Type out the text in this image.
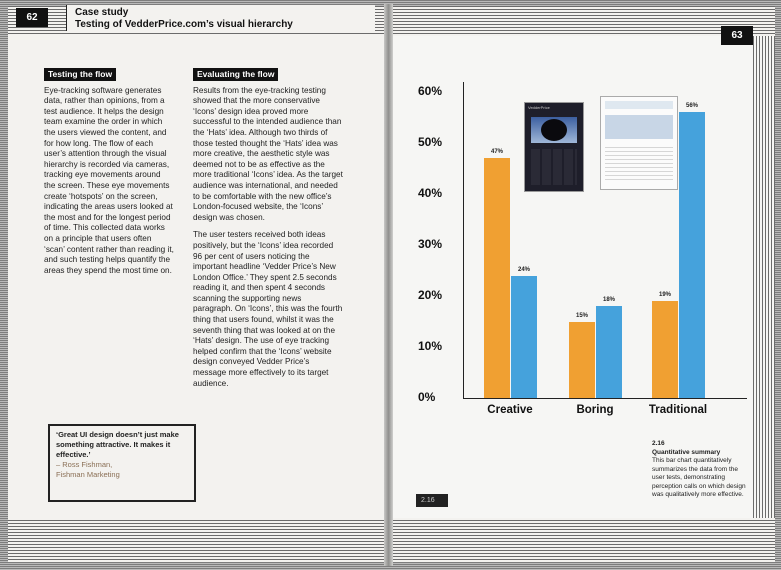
62	Case study
Testing of VedderPrice.com’s visual hierarchy
Testing the flow

Eye-tracking software generates data, rather than opinions, from a test audience. It helps the design team examine the order in which the users viewed the content, and for how long. The flow of each user’s attention through the visual hierarchy is recorded via cameras, tracking eye movements around the screen. These eye movements create ‘hotspots’ on the screen, indicating the areas users looked at the most and for the longest period of time. This collected data works on a principle that users often ‘scan’ content rather than reading it, and such testing helps quantify the areas they spend the most time on.

Evaluating the flow

Results from the eye-tracking testing showed that the more conservative ‘Icons’ design idea proved more successful to the intended audience than the ‘Hats’ idea. Although two thirds of those tested thought the ‘Hats’ idea was more creative, the aesthetic style was deemed not to be as effective as the more traditional ‘Icons’ idea. As the target audience was international, and needed to be comfortable with the new office’s London-focused website, the ‘Icons’ design was chosen.

The user testers received both ideas positively, but the ‘Icons’ idea recorded 96 per cent of users noticing the important headline ‘Vedder Price’s New London Office.’ They spent 2.5 seconds reading it, and then spent 4 seconds scanning the supporting news paragraph. On ‘Icons’, this was the fourth thing that users found, whilst it was the seventh thing that was looked at on the ‘Hats’ design. The use of eye tracking helped confirm that the ‘Icons’ website design conveyed Vedder Price’s message more effectively to its target audience.

‘Great UI design doesn’t just make something attractive. It makes it effective.’
– Ross Fishman,
Fishman Marketing
63
VedderPrice
60%
50%
40%
30%
20%
10%
0%
47%
24%
Creative
15%
18%
Boring
19%
56%
Traditional
2.16
2.16
Quantitative summary
This bar chart quantitatively summarizes the data from the user tests, demonstrating perception calls on which design was qualitatively more effective.
